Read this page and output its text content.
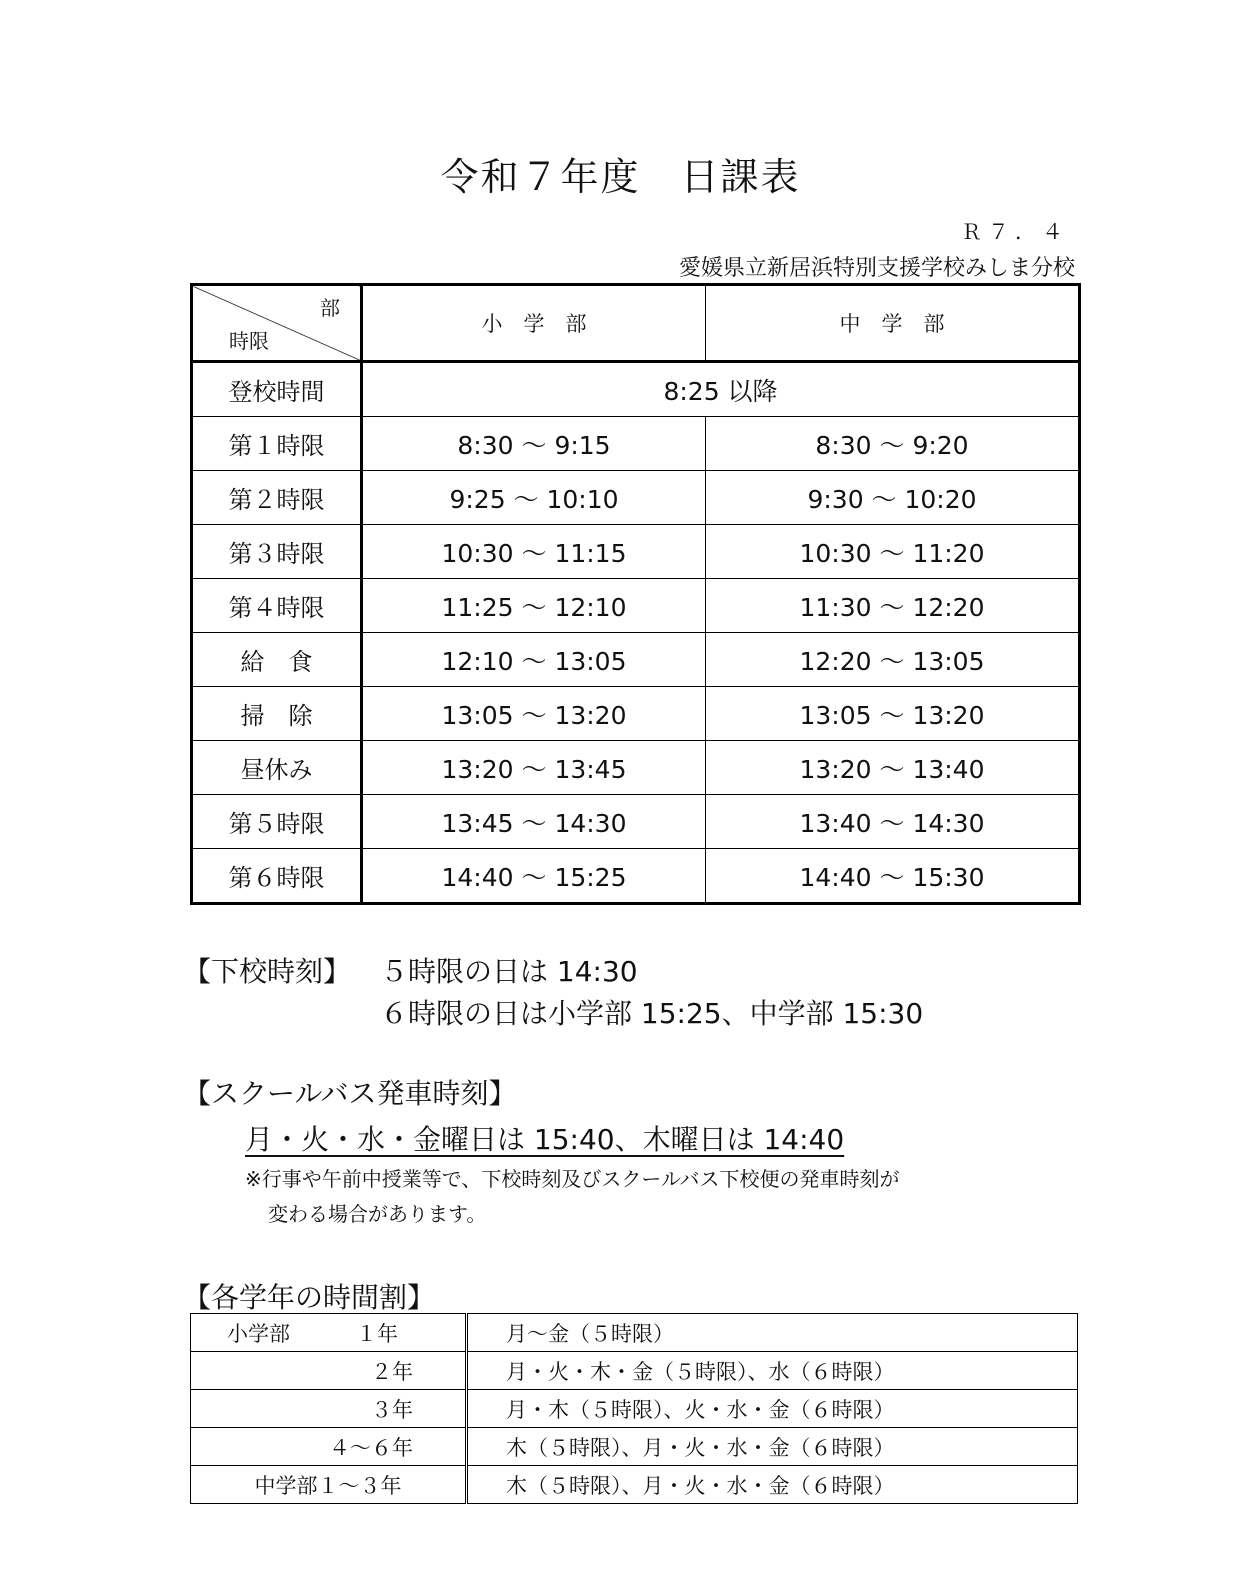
令和７年度　日課表
Ｒ７．４
愛媛県立新居浜特別支援学校みしま分校
部
時限	小　学　部	中　学　部
登校時間	8:25 以降	
第１時限	8:30 ～ 9:15	8:30 ～ 9:20
第２時限	9:25 ～ 10:10	9:30 ～ 10:20
第３時限	10:30 ～ 11:15	10:30 ～ 11:20
第４時限	11:25 ～ 12:10	11:30 ～ 12:20
給　食	12:10 ～ 13:05	12:20 ～ 13:05
掃　除	13:05 ～ 13:20	13:05 ～ 13:20
昼休み	13:20 ～ 13:45	13:20 ～ 13:40
第５時限	13:45 ～ 14:30	13:40 ～ 14:30
第６時限	14:40 ～ 15:25	14:40 ～ 15:30
【下校時刻】 ５時限の日は 14:30
６時限の日は小学部 15:25、中学部 15:30
【スクールバス発車時刻】
月・火・水・金曜日は 15:40、木曜日は 14:40
※行事や午前中授業等で、下校時刻及びスクールバス下校便の発車時刻が
変わる場合があります。
【各学年の時間割】
小学部 １年	月～金（５時限）
２年	月・火・木・金（５時限）、水（６時限）
３年	月・木（５時限）、火・水・金（６時限）
４～６年	木（５時限）、月・火・水・金（６時限）
中学部１～３年	木（５時限）、月・火・水・金（６時限）
